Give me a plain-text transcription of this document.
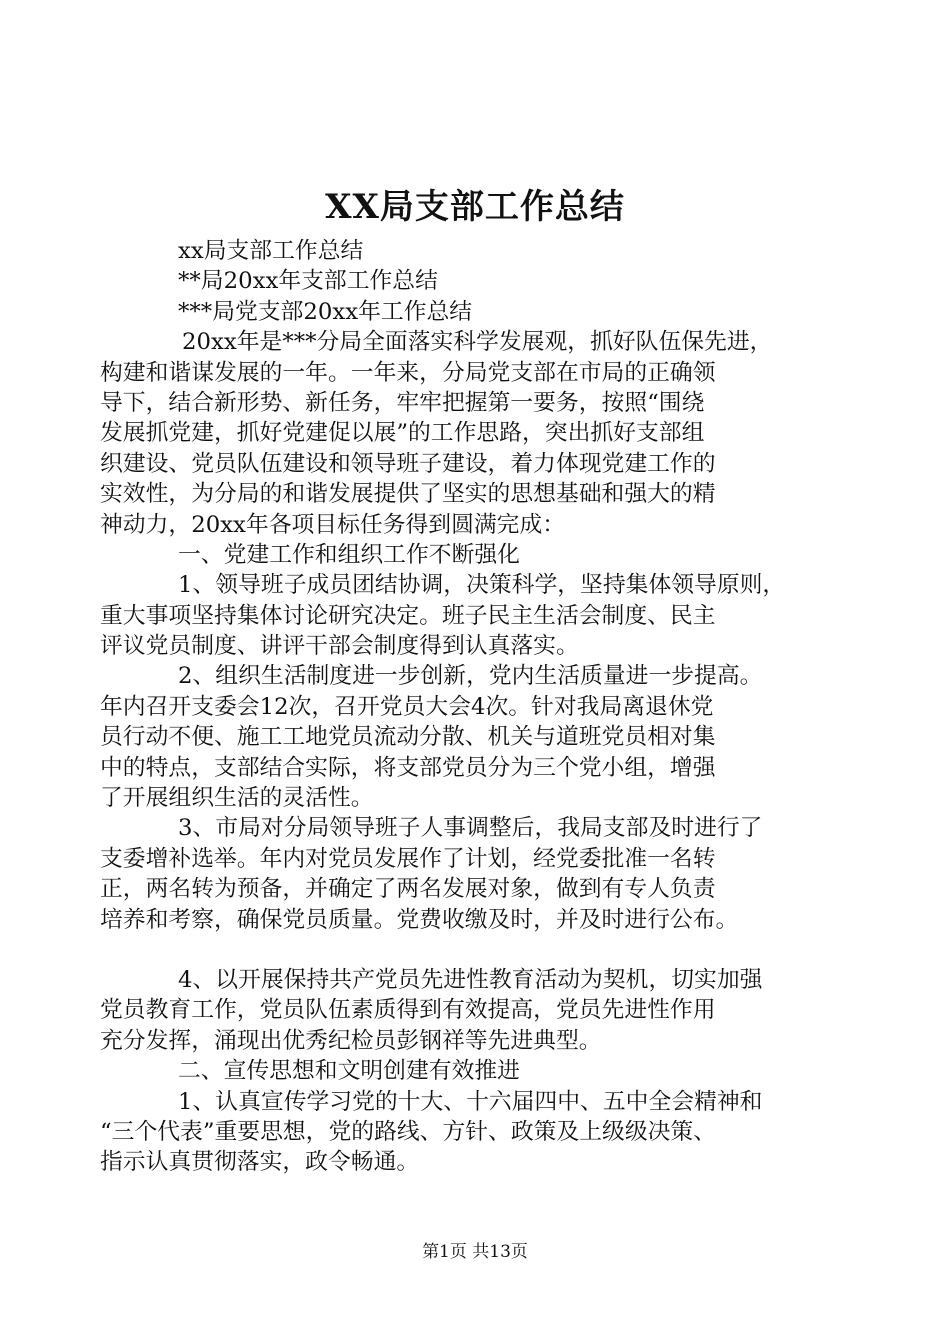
XX局支部工作总结
xx局支部工作总结
**局20xx年支部工作总结
***局党支部20xx年工作总结
20xx年是***分局全面落实科学发展观，抓好队伍保先进，
构建和谐谋发展的一年。一年来，分局党支部在市局的正确领
导下，结合新形势、新任务，牢牢把握第一要务，按照“围绕
发展抓党建，抓好党建促以展”的工作思路，突出抓好支部组
织建设、党员队伍建设和领导班子建设，着力体现党建工作的
实效性，为分局的和谐发展提供了坚实的思想基础和强大的精
神动力，20xx年各项目标任务得到圆满完成：
一、党建工作和组织工作不断强化
1、领导班子成员团结协调，决策科学，坚持集体领导原则，
重大事项坚持集体讨论研究决定。班子民主生活会制度、民主
评议党员制度、讲评干部会制度得到认真落实。
2、组织生活制度进一步创新，党内生活质量进一步提高。
年内召开支委会12次，召开党员大会4次。针对我局离退休党
员行动不便、施工工地党员流动分散、机关与道班党员相对集
中的特点，支部结合实际，将支部党员分为三个党小组，增强
了开展组织生活的灵活性。
3、市局对分局领导班子人事调整后，我局支部及时进行了
支委增补选举。年内对党员发展作了计划，经党委批准一名转
正，两名转为预备，并确定了两名发展对象，做到有专人负责
培养和考察，确保党员质量。党费收缴及时，并及时进行公布。
4、以开展保持共产党员先进性教育活动为契机，切实加强
党员教育工作，党员队伍素质得到有效提高，党员先进性作用
充分发挥，涌现出优秀纪检员彭钢祥等先进典型。
二、宣传思想和文明创建有效推进
1、认真宣传学习党的十大、十六届四中、五中全会精神和
“三个代表”重要思想，党的路线、方针、政策及上级级决策、
指示认真贯彻落实，政令畅通。
第1页 共13页
